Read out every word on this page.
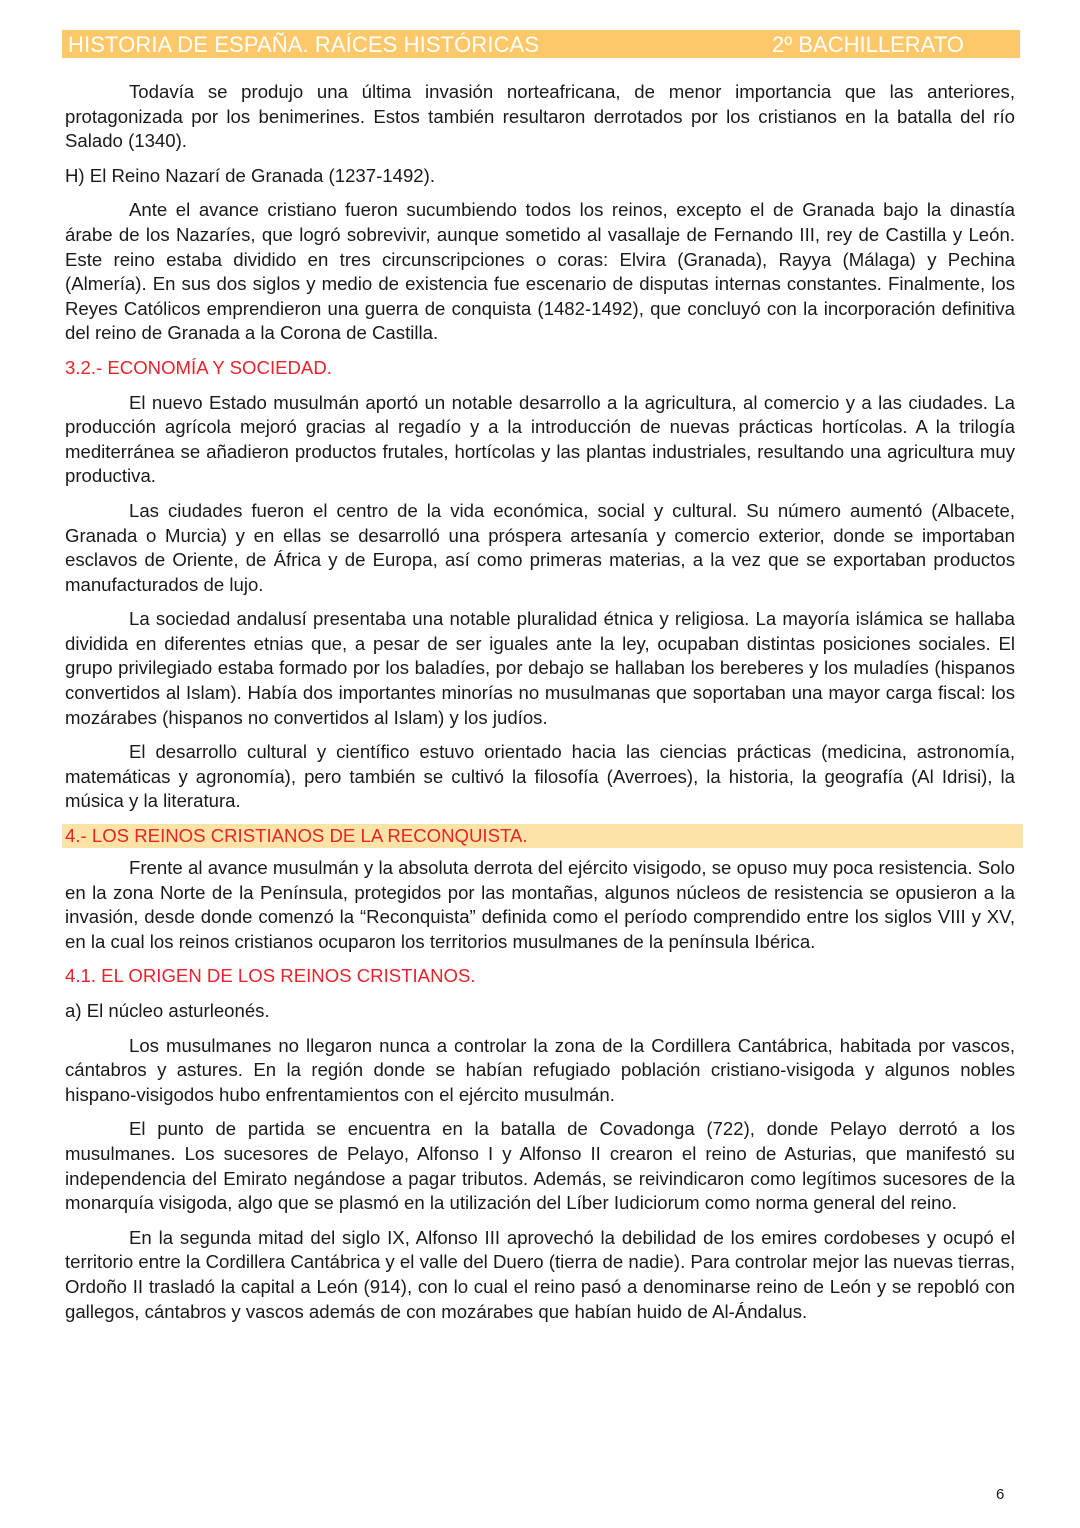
HISTORIA DE ESPAÑA. RAÍCES HISTÓRICAS	2º BACHILLERATO

Todavía se produjo una última invasión norteafricana, de menor importancia que las anteriores, protagonizada por los benimerines. Estos también resultaron derrotados por los cristianos en la batalla del río Salado (1340).

H) El Reino Nazarí de Granada (1237-1492).

Ante el avance cristiano fueron sucumbiendo todos los reinos, excepto el de Granada bajo la dinastía árabe de los Nazaríes, que logró sobrevivir, aunque sometido al vasallaje de Fernando III, rey de Castilla y León. Este reino estaba dividido en tres circunscripciones o coras: Elvira (Granada), Rayya (Málaga) y Pechina (Almería). En sus dos siglos y medio de existencia fue escenario de disputas internas constantes. Finalmente, los Reyes Católicos emprendieron una guerra de conquista (1482-1492), que concluyó con la incorporación definitiva del reino de Granada a la Corona de Castilla.

3.2.- ECONOMÍA Y SOCIEDAD.

El nuevo Estado musulmán aportó un notable desarrollo a la agricultura, al comercio y a las ciudades. La producción agrícola mejoró gracias al regadío y a la introducción de nuevas prácticas hortícolas. A la trilogía mediterránea se añadieron productos frutales, hortícolas y las plantas industriales, resultando una agricultura muy productiva.

Las ciudades fueron el centro de la vida económica, social y cultural. Su número aumentó (Albacete, Granada o Murcia) y en ellas se desarrolló una próspera artesanía y comercio exterior, donde se importaban esclavos de Oriente, de África y de Europa, así como primeras materias, a la vez que se exportaban productos manufacturados de lujo.

La sociedad andalusí presentaba una notable pluralidad étnica y religiosa. La mayoría islámica se hallaba dividida en diferentes etnias que, a pesar de ser iguales ante la ley, ocupaban distintas posiciones sociales. El grupo privilegiado estaba formado por los baladíes, por debajo se hallaban los bereberes y los muladíes (hispanos convertidos al Islam). Había dos importantes minorías no musulmanas que soportaban una mayor carga fiscal: los mozárabes (hispanos no convertidos al Islam) y los judíos.

El desarrollo cultural y científico estuvo orientado hacia las ciencias prácticas (medicina, astronomía, matemáticas y agronomía), pero también se cultivó la filosofía (Averroes), la historia, la geografía (Al Idrisi), la música y la literatura.

4.- LOS REINOS CRISTIANOS DE LA RECONQUISTA.

Frente al avance musulmán y la absoluta derrota del ejército visigodo, se opuso muy poca resistencia. Solo en la zona Norte de la Península, protegidos por las montañas, algunos núcleos de resistencia se opusieron a la invasión, desde donde comenzó la “Reconquista” definida como el período comprendido entre los siglos VIII y XV, en la cual los reinos cristianos ocuparon los territorios musulmanes de la península Ibérica.

4.1. EL ORIGEN DE LOS REINOS CRISTIANOS.
a) El núcleo asturleonés.

Los musulmanes no llegaron nunca a controlar la zona de la Cordillera Cantábrica, habitada por vascos, cántabros y astures. En la región donde se habían refugiado población cristiano-visigoda y algunos nobles hispano-visigodos hubo enfrentamientos con el ejército musulmán.

El punto de partida se encuentra en la batalla de Covadonga (722), donde Pelayo derrotó a los musulmanes. Los sucesores de Pelayo, Alfonso I y Alfonso II crearon el reino de Asturias, que manifestó su independencia del Emirato negándose a pagar tributos. Además, se reivindicaron como legítimos sucesores de la monarquía visigoda, algo que se plasmó en la utilización del Líber Iudiciorum como norma general del reino.

En la segunda mitad del siglo IX, Alfonso III aprovechó la debilidad de los emires cordobeses y ocupó el territorio entre la Cordillera Cantábrica y el valle del Duero (tierra de nadie). Para controlar mejor las nuevas tierras, Ordoño II trasladó la capital a León (914), con lo cual el reino pasó a denominarse reino de León y se repobló con gallegos, cántabros y vascos además de con mozárabes que habían huido de Al-Ándalus.

6
